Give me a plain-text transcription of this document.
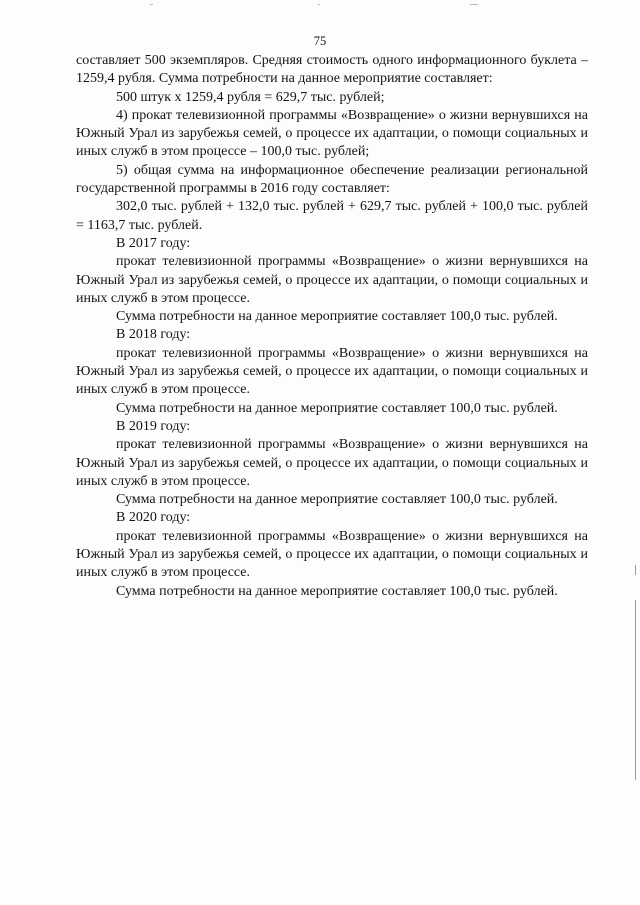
75

составляет 500 экземпляров. Средняя стоимость одного информационного буклета – 1259,4 рубля. Сумма потребности на данное мероприятие составляет:

500 штук х 1259,4 рубля = 629,7 тыс. рублей;

4) прокат телевизионной программы «Возвращение» о жизни вернувшихся на Южный Урал из зарубежья семей, о процессе их адаптации, о помощи социальных и иных служб в этом процессе – 100,0 тыс. рублей;

5) общая сумма на информационное обеспечение реализации региональной государственной программы в 2016 году составляет:

302,0 тыс. рублей + 132,0 тыс. рублей + 629,7 тыс. рублей + 100,0 тыс. рублей = 1163,7 тыс. рублей.

В 2017 году:

прокат телевизионной программы «Возвращение» о жизни вернувшихся на Южный Урал из зарубежья семей, о процессе их адаптации, о помощи социальных и иных служб в этом процессе.

Сумма потребности на данное мероприятие составляет 100,0 тыс. рублей.

В 2018 году:

прокат телевизионной программы «Возвращение» о жизни вернувшихся на Южный Урал из зарубежья семей, о процессе их адаптации, о помощи социальных и иных служб в этом процессе.

Сумма потребности на данное мероприятие составляет 100,0 тыс. рублей.

В 2019 году:

прокат телевизионной программы «Возвращение» о жизни вернувшихся на Южный Урал из зарубежья семей, о процессе их адаптации, о помощи социальных и иных служб в этом процессе.

Сумма потребности на данное мероприятие составляет 100,0 тыс. рублей.

В 2020 году:

прокат телевизионной программы «Возвращение» о жизни вернувшихся на Южный Урал из зарубежья семей, о процессе их адаптации, о помощи социальных и иных служб в этом процессе.

Сумма потребности на данное мероприятие составляет 100,0 тыс. рублей.
